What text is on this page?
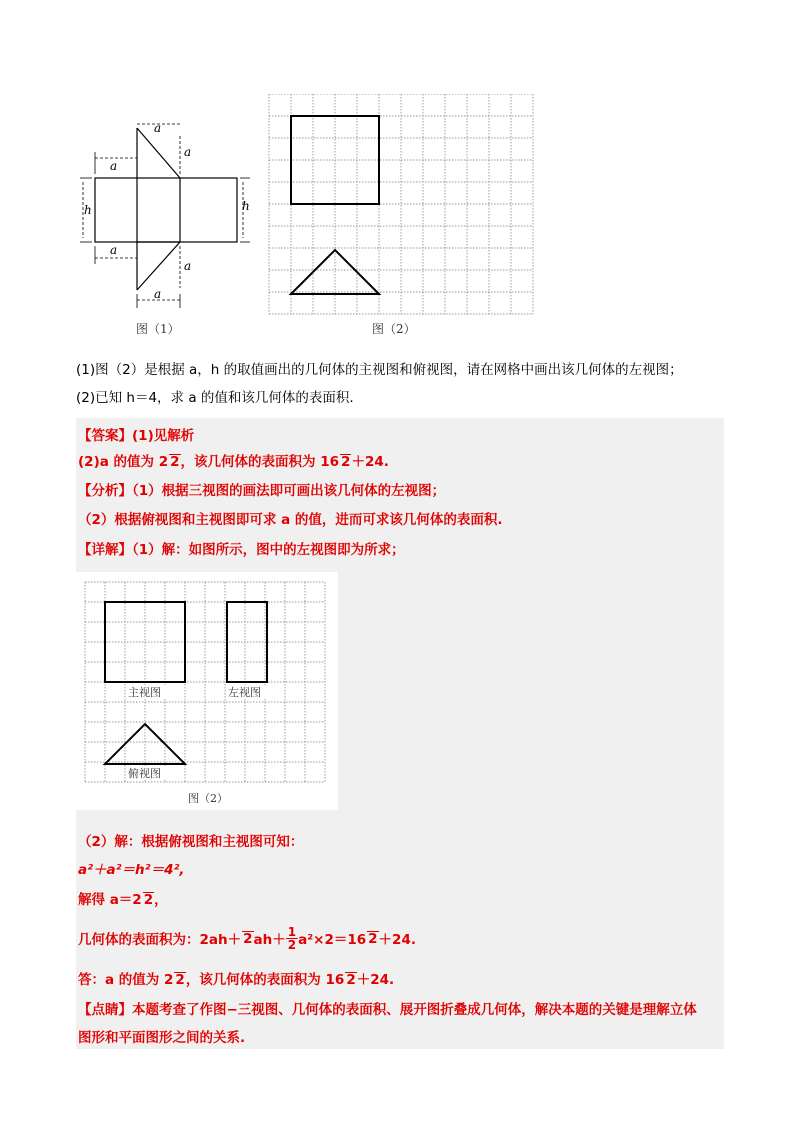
a
a
a
h	h
a
a
a
图（1）	图（2）
(1)图（2）是根据 a，h 的取值画出的几何体的主视图和俯视图，请在网格中画出该几何体的左视图；
(2)已知 h＝4，求 a 的值和该几何体的表面积.
【答案】(1)见解析
(2)a 的值为 2 2，该几何体的表面积为 16 2＋24.
【分析】（1）根据三视图的画法即可画出该几何体的左视图；
（2）根据俯视图和主视图即可求 a 的值，进而可求该几何体的表面积.
【详解】（1）解：如图所示，图中的左视图即为所求；
主视图	左视图
俯视图
图（2）
（2）解：根据俯视图和主视图可知：
a²＋a²＝h²＝4²,
解得 a＝2 2，
几何体的表面积为：2ah＋ 2 $ah+ \frac{1}{2} a^2\times 2=16$ 2 ＋24.
答：a 的值为 2 2，该几何体的表面积为 16 2＋24.
【点睛】本题考查了作图−三视图、几何体的表面积、展开图折叠成几何体，解决本题的关键是理解立体
图形和平面图形之间的关系.
